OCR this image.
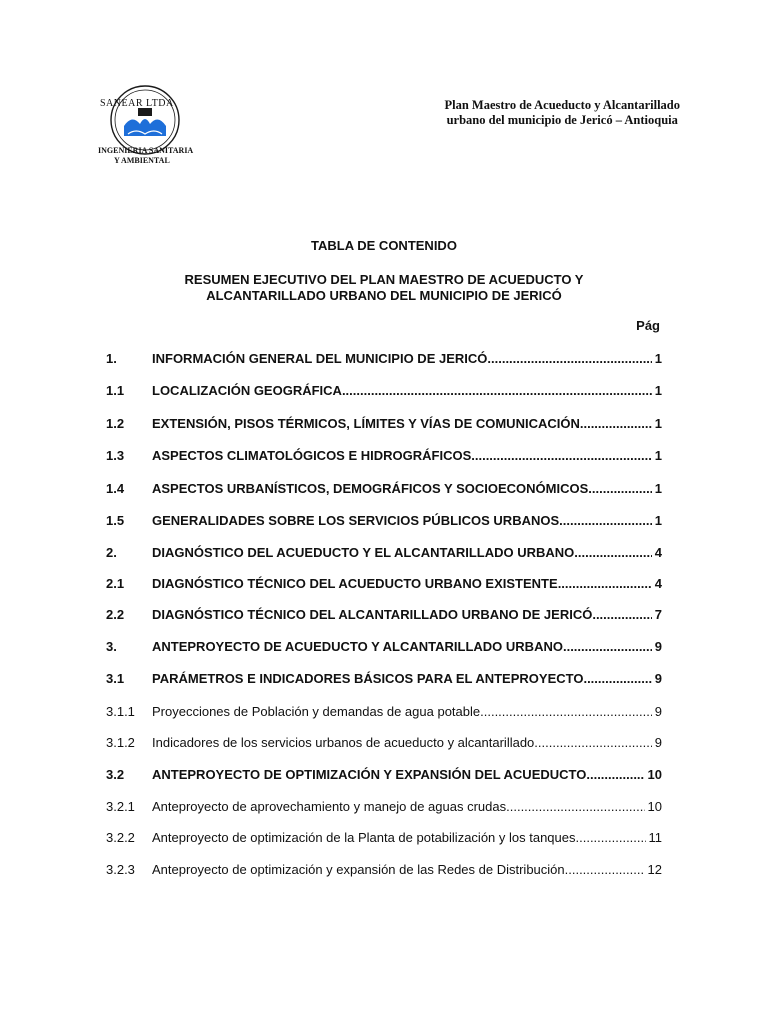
SANEAR LTDA
INGENIERIA SANITARIA
Y AMBIENTAL
Plan Maestro de Acueducto y Alcantarillado
urbano del municipio de Jericó – Antioquia
TABLA DE CONTENIDO
RESUMEN EJECUTIVO DEL PLAN MAESTRO DE ACUEDUCTO Y
ALCANTARILLADO URBANO DEL MUNICIPIO DE JERICÓ
Pág
1.	INFORMACIÓN GENERAL DEL MUNICIPIO DE JERICÓ .....	1
1.1	LOCALIZACIÓN GEOGRÁFICA .....	1
1.2	EXTENSIÓN, PISOS TÉRMICOS, LÍMITES Y VÍAS DE COMUNICACIÓN .....	1
1.3	ASPECTOS CLIMATOLÓGICOS E HIDROGRÁFICOS .....	1
1.4	ASPECTOS URBANÍSTICOS, DEMOGRÁFICOS Y SOCIOECONÓMICOS .....	1
1.5	GENERALIDADES SOBRE LOS SERVICIOS PÚBLICOS URBANOS .....	1
2.	DIAGNÓSTICO DEL ACUEDUCTO Y EL ALCANTARILLADO URBANO .....	4
2.1	DIAGNÓSTICO TÉCNICO DEL ACUEDUCTO URBANO EXISTENTE .....	4
2.2	DIAGNÓSTICO TÉCNICO DEL ALCANTARILLADO URBANO DE JERICÓ .....	7
3.	ANTEPROYECTO DE ACUEDUCTO Y ALCANTARILLADO URBANO .....	9
3.1	PARÁMETROS E INDICADORES BÁSICOS PARA EL ANTEPROYECTO .....	9
3.1.1	Proyecciones de Población y demandas de agua potable .....	9
3.1.2	Indicadores de los servicios urbanos de acueducto y alcantarillado .....	9
3.2	ANTEPROYECTO DE OPTIMIZACIÓN Y EXPANSIÓN DEL ACUEDUCTO .....	10
3.2.1	Anteproyecto de aprovechamiento y manejo de aguas crudas .....	10
3.2.2	Anteproyecto de optimización de la Planta de potabilización y los tanques .....	11
3.2.3	Anteproyecto de optimización y expansión de las Redes de Distribución .....	12
